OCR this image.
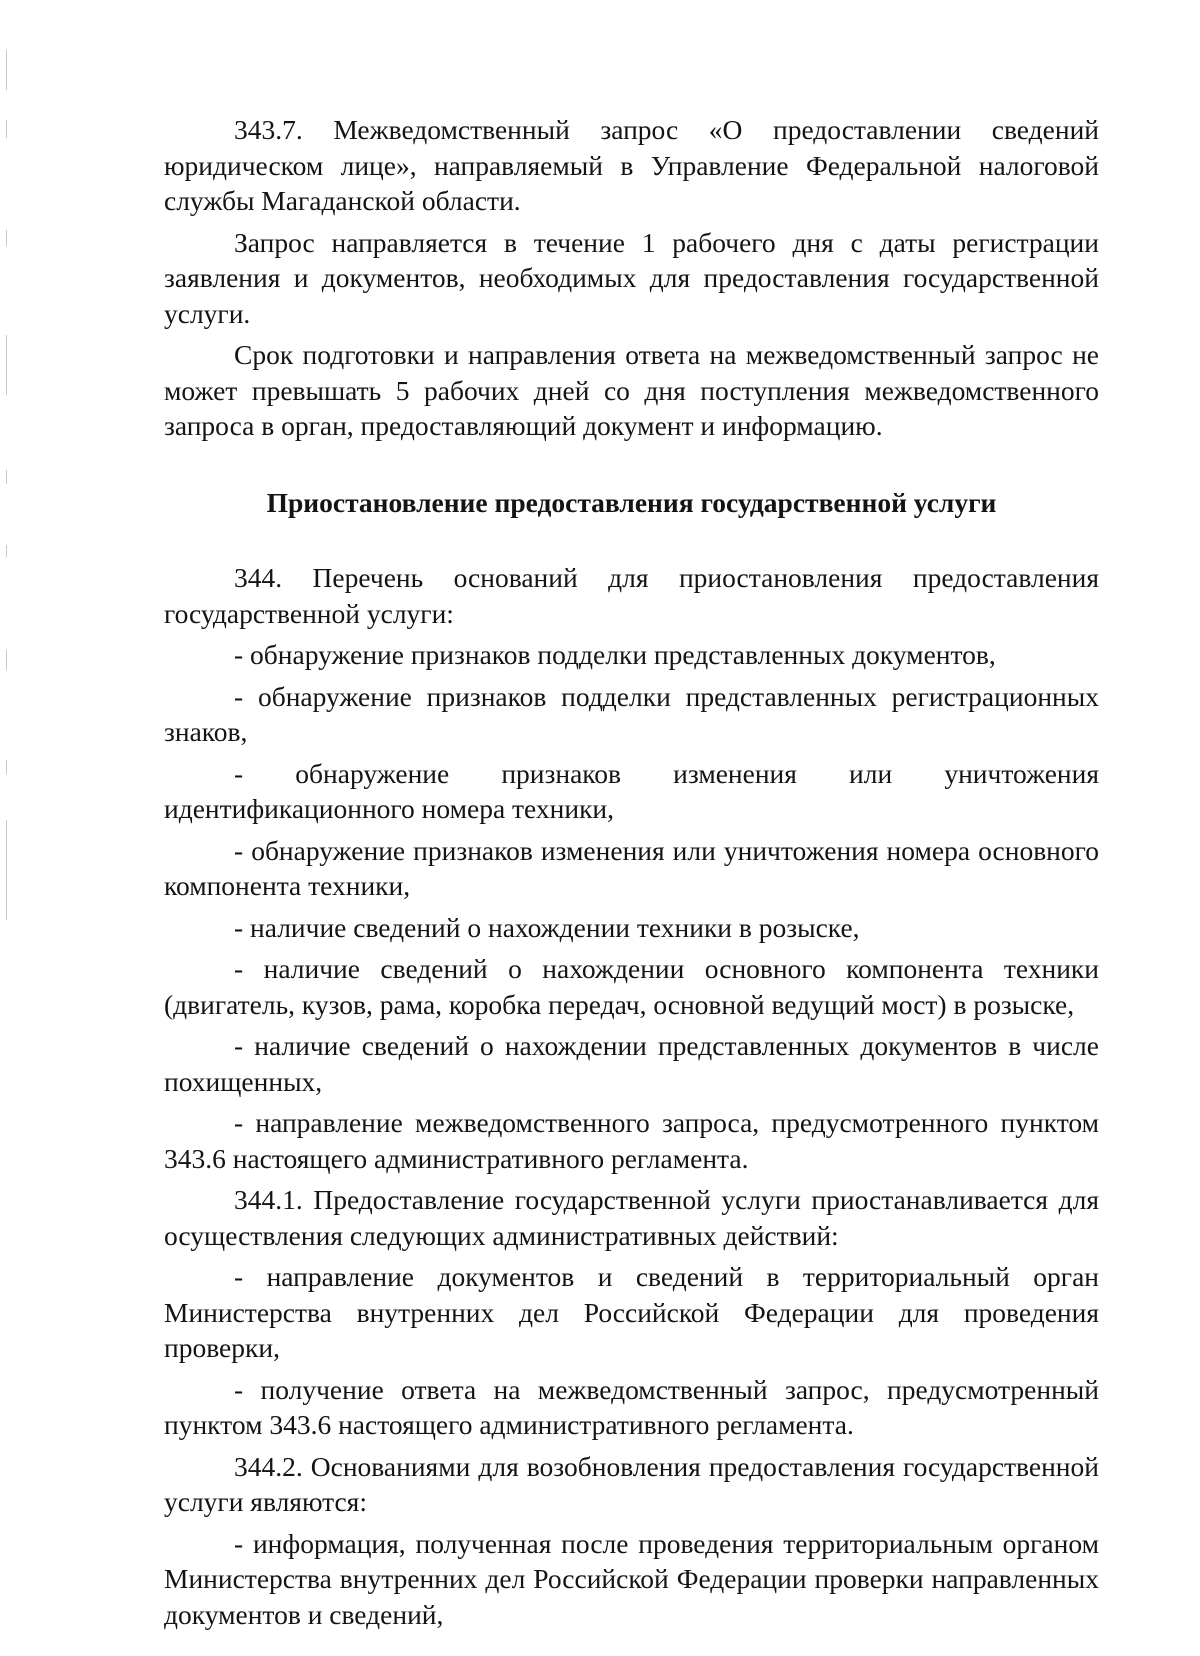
343.7. Межведомственный запрос «О предоставлении сведений юридическом лице», направляемый в Управление Федеральной налоговой службы Магаданской области.

Запрос направляется в течение 1 рабочего дня с даты регистрации заявления и документов, необходимых для предоставления государственной услуги.

Срок подготовки и направления ответа на межведомственный запрос не может превышать 5 рабочих дней со дня поступления межведомственного запроса в орган, предоставляющий документ и информацию.

Приостановление предоставления государственной услуги

344. Перечень оснований для приостановления предоставления государственной услуги:

- обнаружение признаков подделки представленных документов,

- обнаружение признаков подделки представленных регистрационных знаков,

- обнаружение признаков изменения или уничтожения идентификационного номера техники,

- обнаружение признаков изменения или уничтожения номера основного компонента техники,

- наличие сведений о нахождении техники в розыске,

- наличие сведений о нахождении основного компонента техники (двигатель, кузов, рама, коробка передач, основной ведущий мост) в розыске,

- наличие сведений о нахождении представленных документов в числе похищенных,

- направление межведомственного запроса, предусмотренного пунктом 343.6 настоящего административного регламента.

344.1. Предоставление государственной услуги приостанавливается для осуществления следующих административных действий:

- направление документов и сведений в территориальный орган Министерства внутренних дел Российской Федерации для проведения проверки,

- получение ответа на межведомственный запрос, предусмотренный пунктом 343.6 настоящего административного регламента.

344.2. Основаниями для возобновления предоставления государственной услуги являются:

- информация, полученная после проведения территориальным органом Министерства внутренних дел Российской Федерации проверки направленных документов и сведений,
